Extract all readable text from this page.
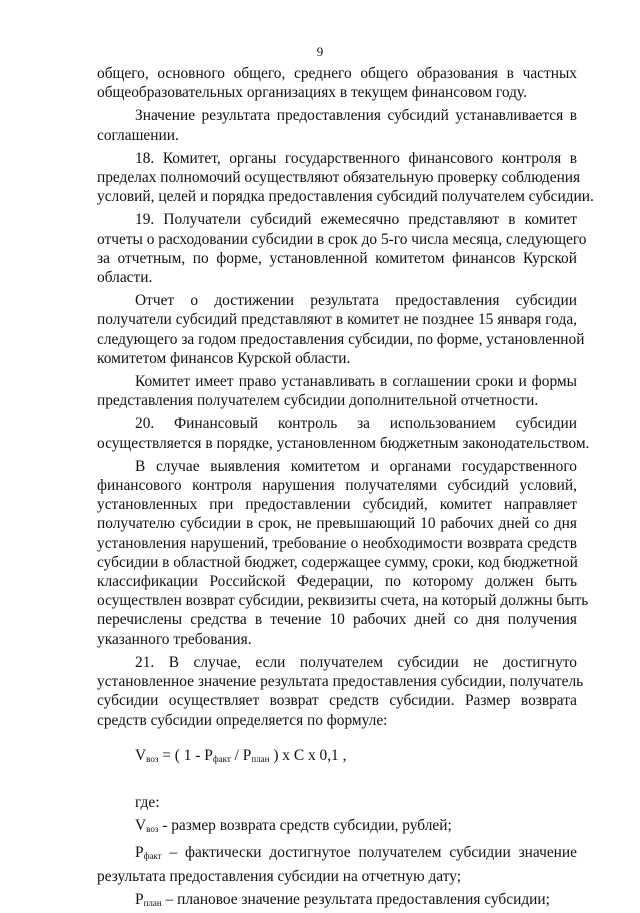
9

общего, основного общего, среднего общего образования в частных
общеобразовательных организациях в текущем финансовом году.

Значение результата предоставления субсидий устанавливается в
соглашении.

18. Комитет, органы государственного финансового контроля в
пределах полномочий осуществляют обязательную проверку соблюдения
условий, целей и порядка предоставления субсидий получателем субсидии.

19. Получатели субсидий ежемесячно представляют в комитет
отчеты о расходовании субсидии в срок до 5-го числа месяца, следующего
за отчетным, по форме, установленной комитетом финансов Курской
области.

Отчет о достижении результата предоставления субсидии
получатели субсидий представляют в комитет не позднее 15 января года,
следующего за годом предоставления субсидии, по форме, установленной
комитетом финансов Курской области.

Комитет имеет право устанавливать в соглашении сроки и формы
представления получателем субсидии дополнительной отчетности.

20. Финансовый контроль за использованием субсидии
осуществляется в порядке, установленном бюджетным законодательством.

В случае выявления комитетом и органами государственного
финансового контроля нарушения получателями субсидий условий,
установленных при предоставлении субсидий, комитет направляет
получателю субсидии в срок, не превышающий 10 рабочих дней со дня
установления нарушений, требование о необходимости возврата средств
субсидии в областной бюджет, содержащее сумму, сроки, код бюджетной
классификации Российской Федерации, по которому должен быть
осуществлен возврат субсидии, реквизиты счета, на который должны быть
перечислены средства в течение 10 рабочих дней со дня получения
указанного требования.

21. В случае, если получателем субсидии не достигнуто
установленное значение результата предоставления субсидии, получатель
субсидии осуществляет возврат средств субсидии. Размер возврата
средств субсидии определяется по формуле:

$V_{воз}$ = ( $1 - P_{факт} / P_{план}$ ) x C x 0,1 ,

где:

$V_{воз}$ - размер возврата средств субсидии, рублей;

$P_{факт}$ – фактически достигнутое получателем субсидии значение
результата предоставления субсидии на отчетную дату;

$P_{план}$ – плановое значение результата предоставления субсидии;
